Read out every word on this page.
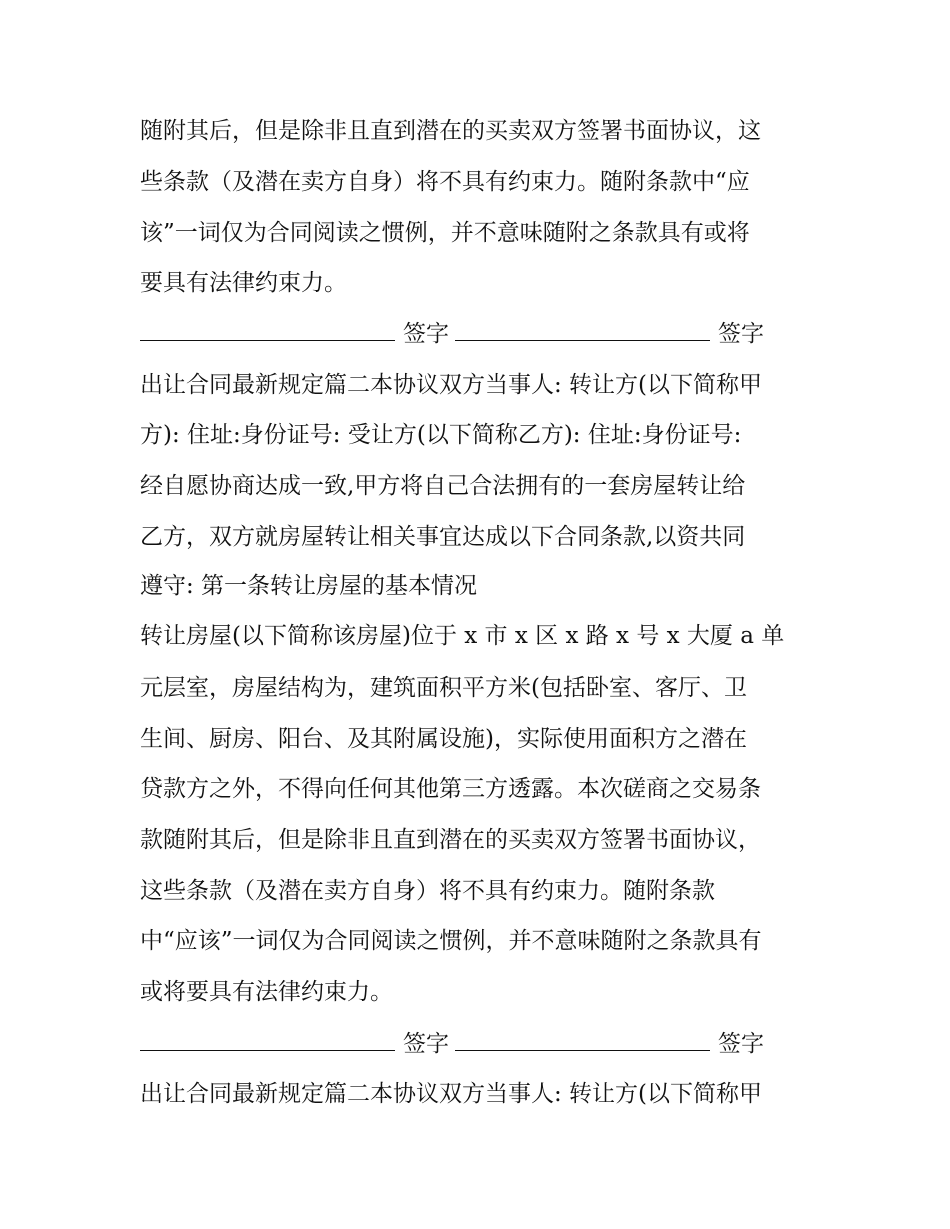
随附其后，但是除非且直到潜在的买卖双方签署书面协议，这
些条款（及潜在卖方自身）将不具有约束力。随附条款中“应
该”一词仅为合同阅读之惯例，并不意味随附之条款具有或将
要具有法律约束力。
签字	签字
出让合同最新规定篇二本协议双方当事人: 转让方(以下简称甲
方): 住址:身份证号: 受让方(以下简称乙方): 住址:身份证号:
经自愿协商达成一致,甲方将自己合法拥有的一套房屋转让给
乙方，双方就房屋转让相关事宜达成以下合同条款,以资共同
遵守: 第一条转让房屋的基本情况
转让房屋(以下简称该房屋)位于 x 市 x 区 x 路 x 号 x 大厦 a 单
元层室，房屋结构为，建筑面积平方米(包括卧室、客厅、卫
生间、厨房、阳台、及其附属设施)，实际使用面积方之潜在
贷款方之外，不得向任何其他第三方透露。本次磋商之交易条
款随附其后，但是除非且直到潜在的买卖双方签署书面协议，
这些条款（及潜在卖方自身）将不具有约束力。随附条款
中“应该”一词仅为合同阅读之惯例，并不意味随附之条款具有
或将要具有法律约束力。
签字	签字
出让合同最新规定篇二本协议双方当事人: 转让方(以下简称甲
